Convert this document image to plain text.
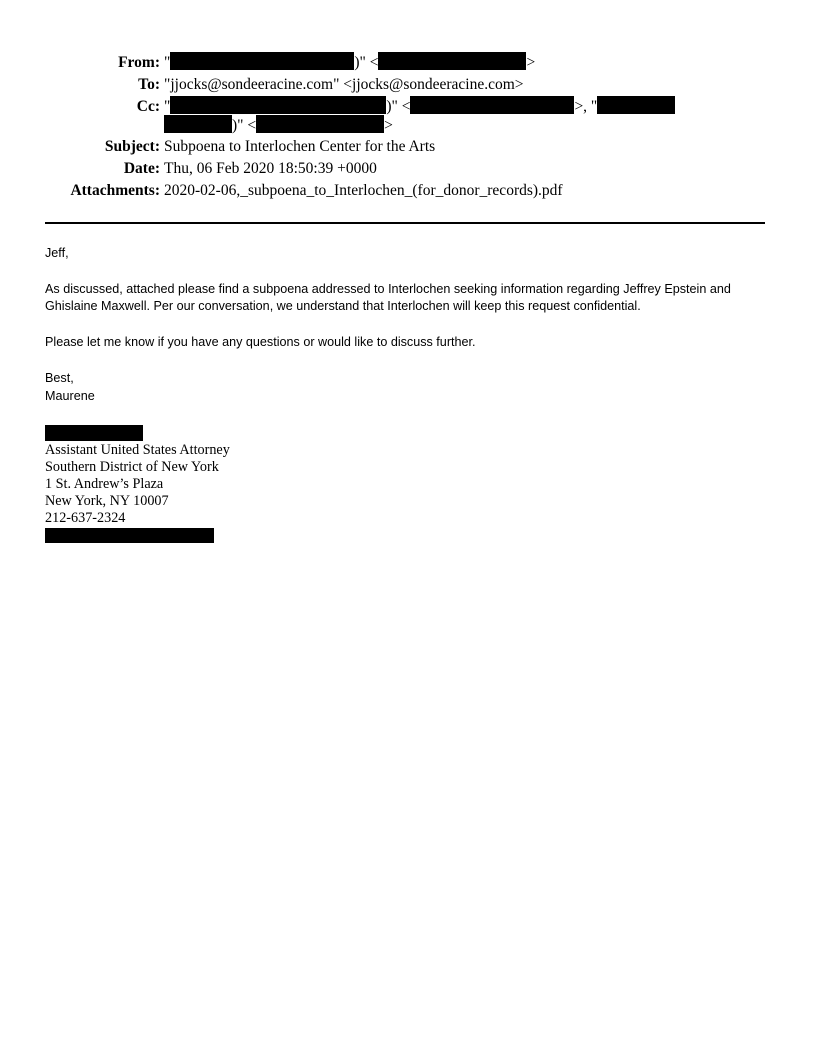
From: "	)" <	>
To: "jjocks@sondeeracine.com" <jjocks@sondeeracine.com>
Cc: "	)" <	>, "
)" <	>
Subject: Subpoena to Interlochen Center for the Arts
Date: Thu, 06 Feb 2020 18:50:39 +0000
Attachments: 2020-02-06,_subpoena_to_Interlochen_(for_donor_records).pdf
Jeff,
As discussed, attached please find a subpoena addressed to Interlochen seeking information regarding Jeffrey Epstein and
Ghislaine Maxwell. Per our conversation, we understand that Interlochen will keep this request confidential.
Please let me know if you have any questions or would like to discuss further.
Best,
Maurene
Assistant United States Attorney
Southern District of New York
1 St. Andrew’s Plaza
New York, NY 10007
212-637-2324
